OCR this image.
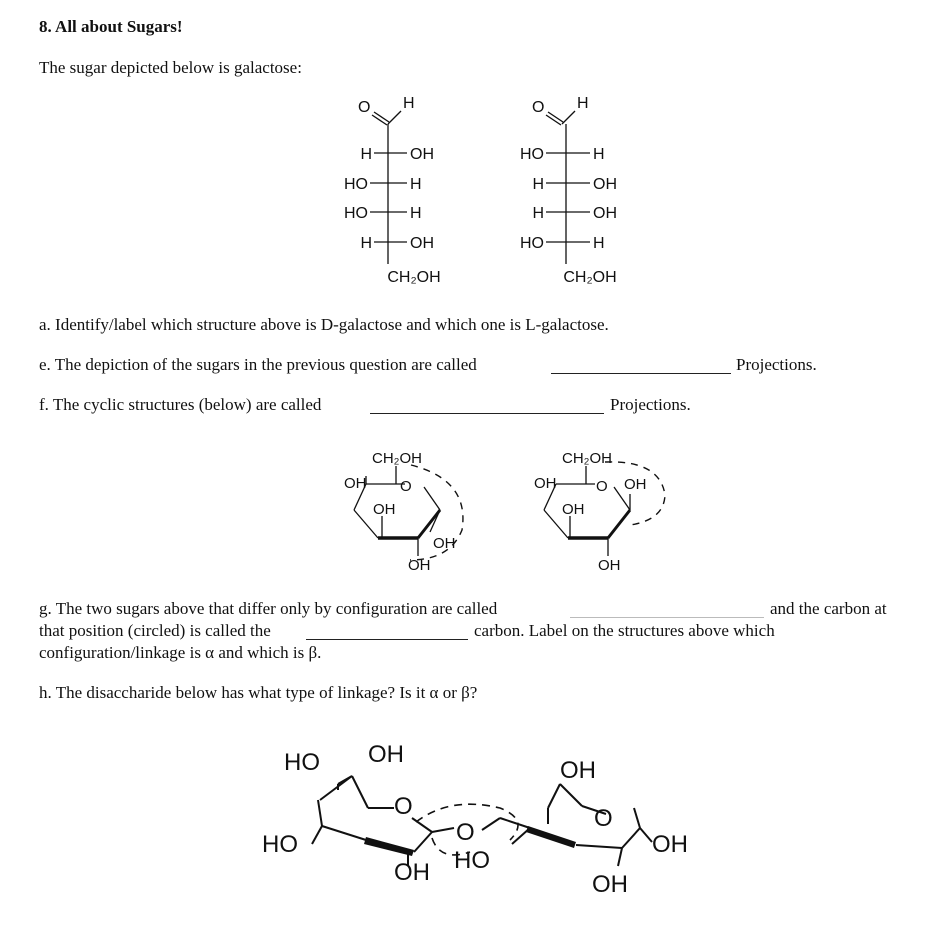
8. All about Sugars!
The sugar depicted below is galactose:
a. Identify/label which structure above is D-galactose and which one is L-galactose.
e. The depiction of the sugars in the previous question are called	Projections.
f. The cyclic structures (below) are called	Projections.
g. The two sugars above that differ only by configuration are called	and the carbon at
that position (circled) is called the	carbon. Label on the structures above which
configuration/linkage is α and which is β.
h. The disaccharide below has what type of linkage? Is it α or β?
O H
H OH
HO	H
HO	H
H OH
CH₂OH
O H
HO	H
H	OH
H	OH
HO	H
CH₂OH
CH₂OH
O
OH
OH
OH
OH
CH₂OH
O
OH
OH
OH
OH
HO OH
HO
O
O
OH HO
OH
O
OH
OH
